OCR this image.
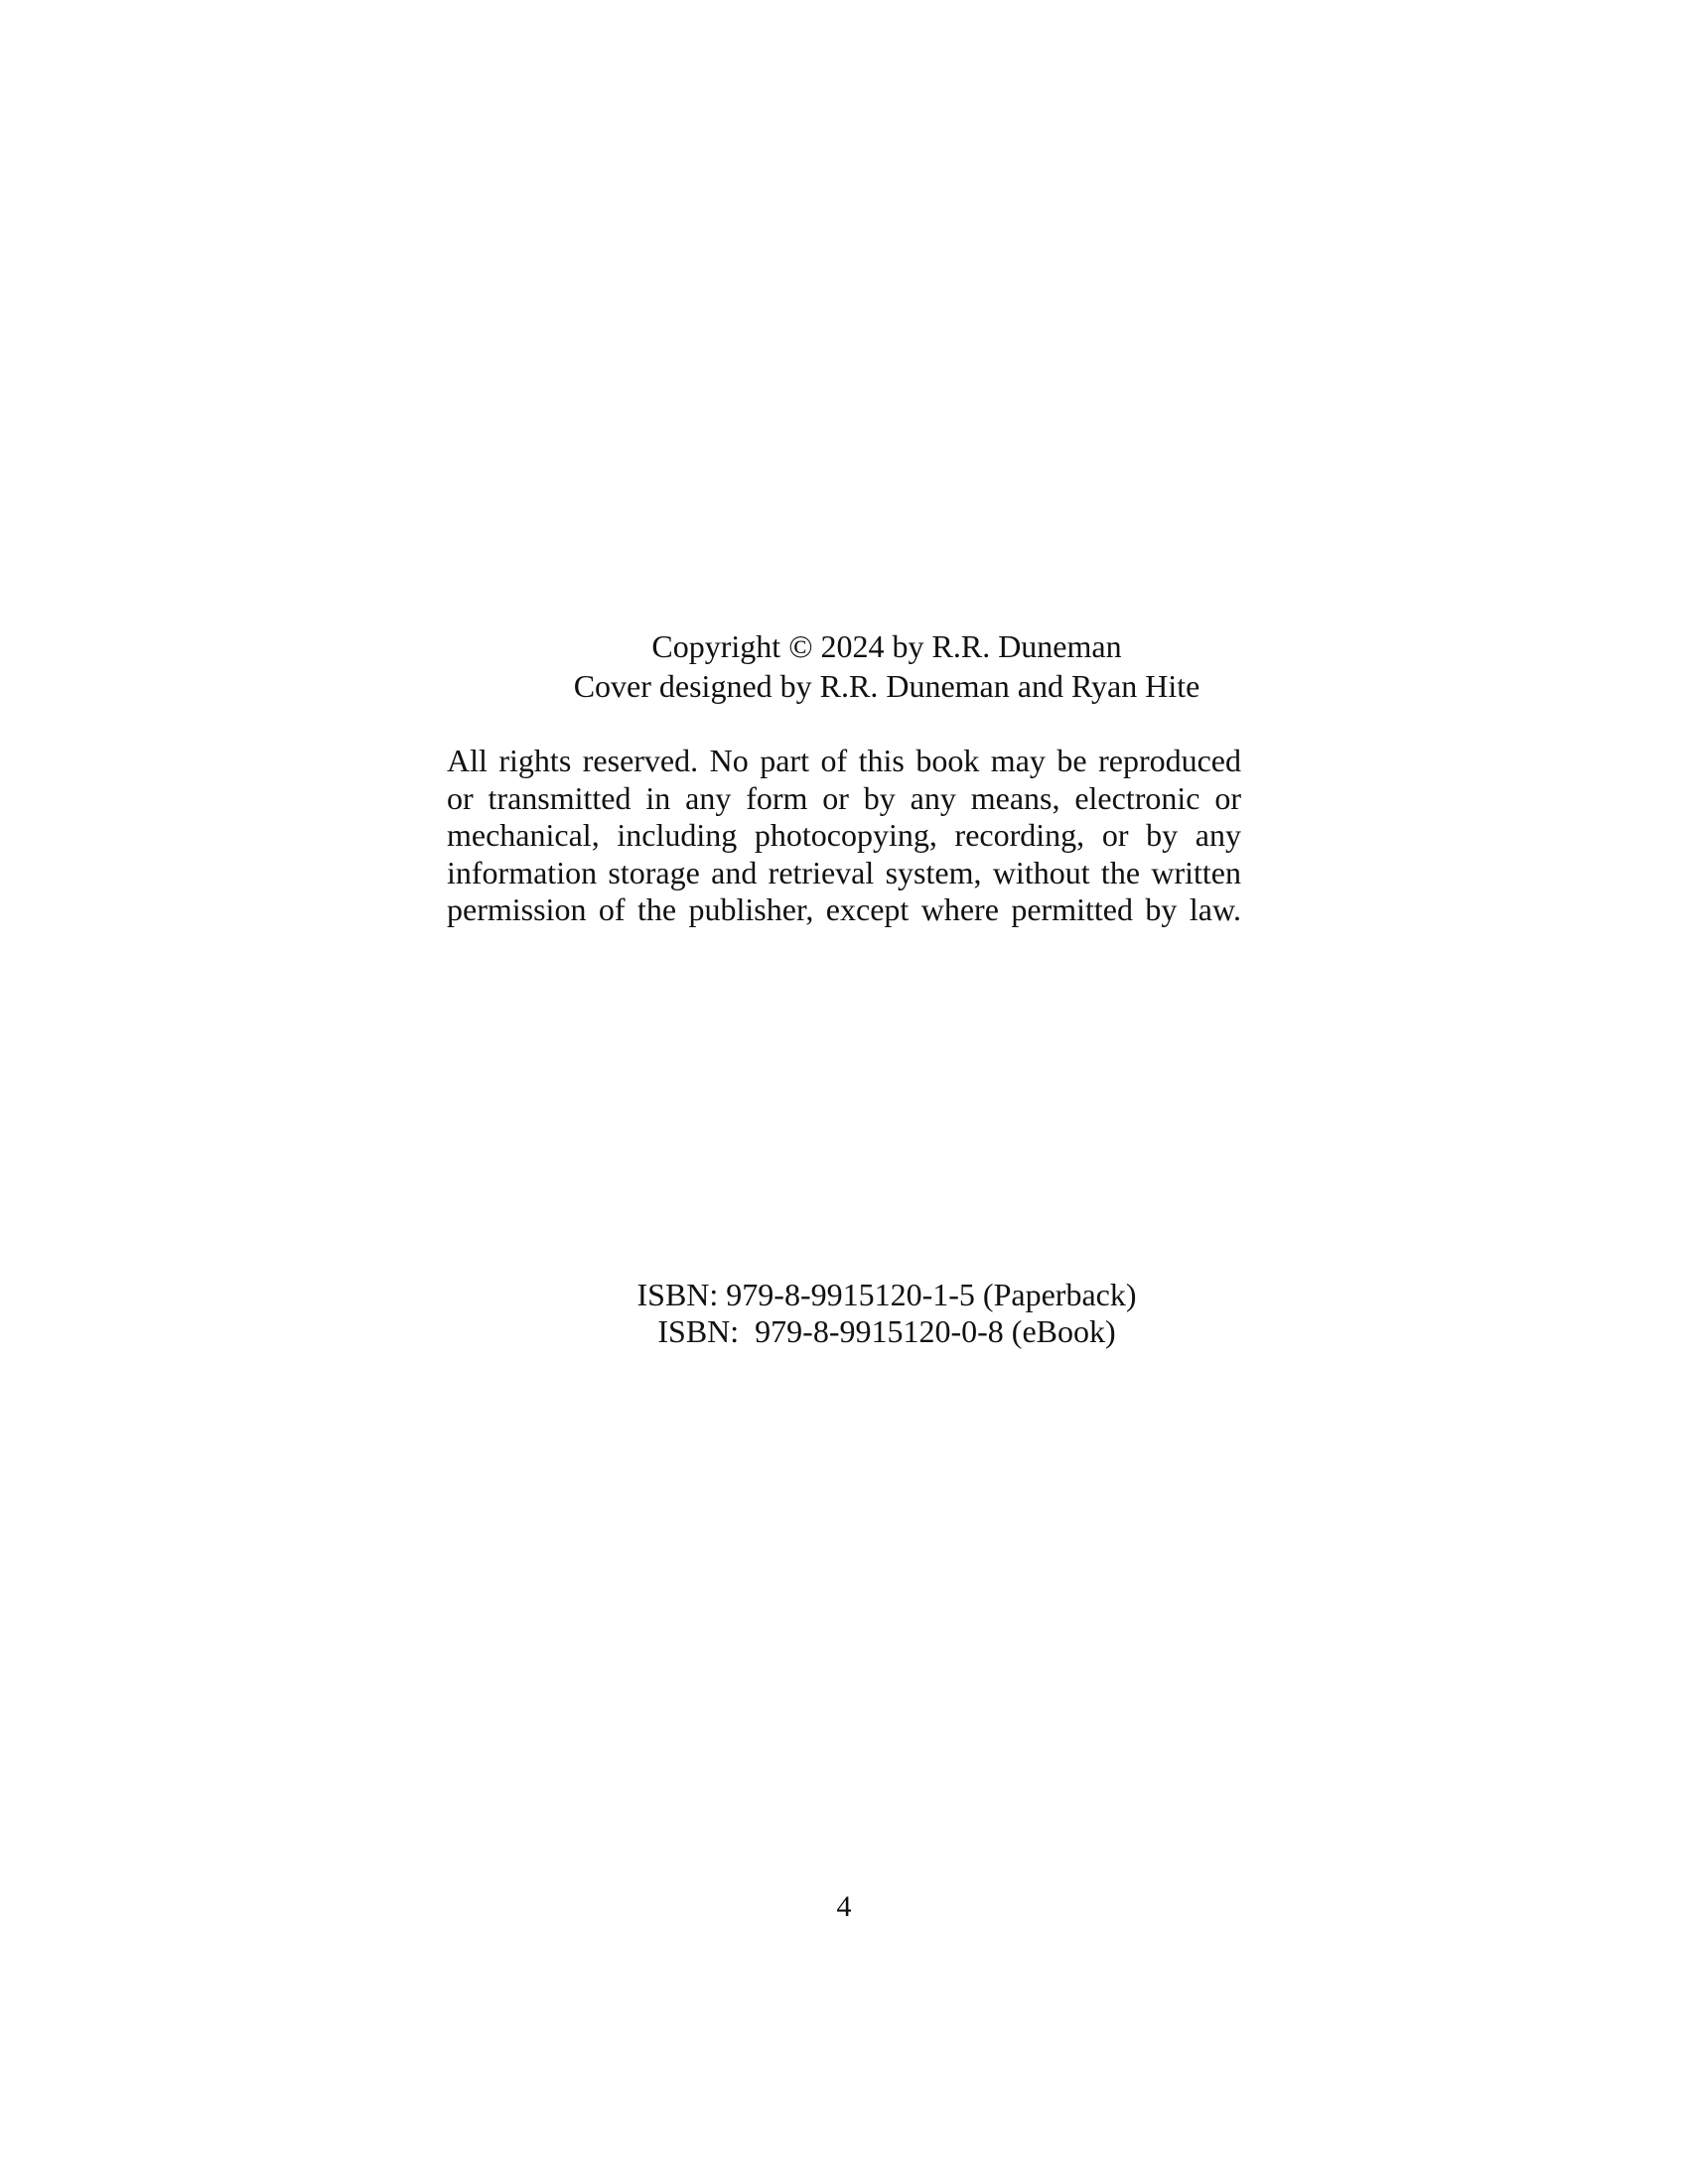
Copyright © 2024 by R.R. Duneman
Cover designed by R.R. Duneman and Ryan Hite
All rights reserved. No part of this book may be reproduced
or transmitted in any form or by any means, electronic or
mechanical, including photocopying, recording, or by any
information storage and retrieval system, without the written
permission of the publisher, except where permitted by law.
ISBN: 979-8-9915120-1-5 (Paperback)
ISBN:  979-8-9915120-0-8 (eBook)
4
